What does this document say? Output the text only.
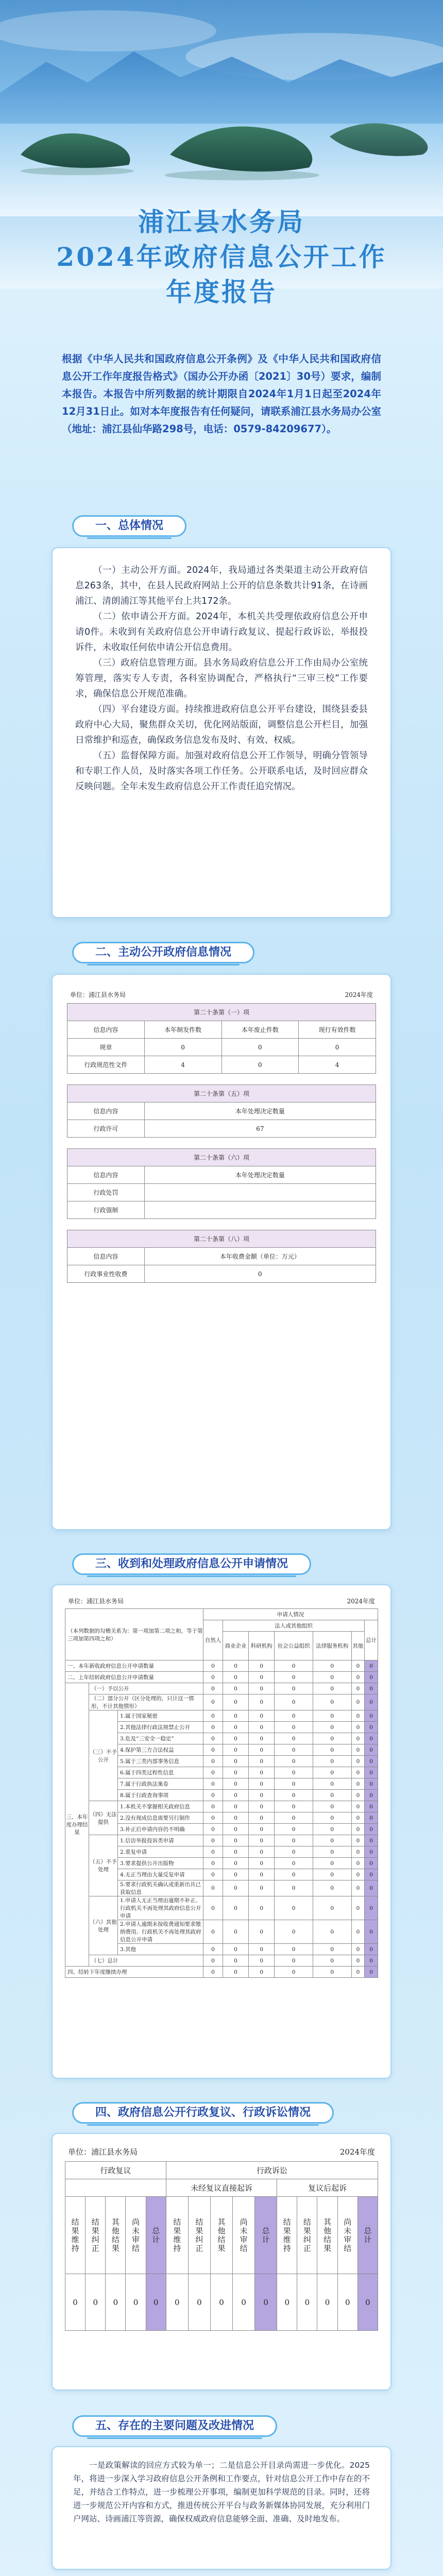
浦江县水务局
2024年政府信息公开工作
年度报告
根据《中华人民共和国政府信息公开条例》及《中华人民共和国政府信息公开工作年度报告格式》（国办公开办函〔2021〕30号）要求，编制本报告。本报告中所列数据的统计期限自2024年1月1日起至2024年12月31日止。如对本年度报告有任何疑问，请联系浦江县水务局办公室（地址：浦江县仙华路298号，电话：0579-84209677）。
一、总体情况

（一）主动公开方面。2024年，我局通过各类渠道主动公开政府信息263条，其中，在县人民政府网站上公开的信息条数共计91条，在诗画浦江、清朗浦江等其他平台上共172条。

（二）依申请公开方面。2024年，本机关共受理依政府信息公开申请0件。未收到有关政府信息公开申请行政复议、提起行政诉讼，举报投诉件，未收取任何依申请公开信息费用。

（三）政府信息管理方面。县水务局政府信息公开工作由局办公室统筹管理，落实专人专责，各科室协调配合，严格执行“三审三校”工作要求，确保信息公开规范准确。

（四）平台建设方面。持续推进政府信息公开平台建设，围绕县委县政府中心大局，聚焦群众关切，优化网站版面，调整信息公开栏目，加强日常维护和巡查，确保政务信息发布及时、有效、权威。

（五）监督保障方面。加强对政府信息公开工作领导，明确分管领导和专职工作人员，及时落实各项工作任务。公开联系电话，及时回应群众反映问题。全年未发生政府信息公开工作责任追究情况。

二、主动公开政府信息情况
单位：浦江县水务局	2024年度
第二十条第（一）项			
信息内容	本年制发件数	本年废止件数	现行有效件数
规章	0	0	0
行政规范性文件	4	0	4

第二十条第（五）项			
信息内容	本年处理决定数量		
行政许可	67		

第二十条第（六）项			
信息内容	本年处理决定数量		
行政处罚			
行政强制			

第二十条第（八）项			
信息内容	本年收费金额（单位：万元）		
行政事业性收费	0		
三、收到和处理政府信息公开申请情况
单位：浦江县水务局	2024年度
（本列数据的勾稽关系为：第一项加第二项之和，等于第三项加第四项之和）			申请人情况						
			自然人	法人或其他组织					总计
				商业企业	科研机构	社会公益组织	法律服务机构	其他	
一、本年新收政府信息公开申请数量			0	0	0	0	0	0	0
二、上年结转政府信息公开申请数量			0	0	0	0	0	0	0
三、本年度办理结果	（一）予以公开		0	0	0	0	0	0	0
	（二）部分公开（区分处理的，只计这一情形，不计其他情形）		0	0	0	0	0	0	0
	（三）不予公开	1.属于国家秘密	0	0	0	0	0	0	0
		2.其他法律行政法规禁止公开	0	0	0	0	0	0	0
		3.危及“三安全一稳定”	0	0	0	0	0	0	0
		4.保护第三方合法权益	0	0	0	0	0	0	0
		5.属于三类内部事务信息	0	0	0	0	0	0	0
		6.属于四类过程性信息	0	0	0	0	0	0	0
		7.属于行政执法案卷	0	0	0	0	0	0	0
		8.属于行政查询事项	0	0	0	0	0	0	0
	（四）无法提供	1.本机关不掌握相关政府信息	0	0	0	0	0	0	0
		2.没有现成信息需要另行制作	0	0	0	0	0	0	0
		3.补正后申请内容仍不明确	0	0	0	0	0	0	0
	（五）不予处理	1.信访举报投诉类申请	0	0	0	0	0	0	0
		2.重复申请	0	0	0	0	0	0	0
		3.要求提供公开出版物	0	0	0	0	0	0	0
		4.无正当理由大量反复申请	0	0	0	0	0	0	0
		5.要求行政机关确认或重新出具已获取信息	0	0	0	0	0	0	0
	（六）其他处理	1.申请人无正当理由逾期不补正、行政机关不再处理其政府信息公开申请	0	0	0	0	0	0	0
		2.申请人逾期未按收费通知要求缴纳费用、行政机关不再处理其政府信息公开申请	0	0	0	0	0	0	0
		3.其他	0	0	0	0	0	0	0
	（七）总计		0	0	0	0	0	0	0
四、结转下年度继续办理			0	0	0	0	0	0	0
四、政府信息公开行政复议、行政诉讼情况
单位：浦江县水务局	2024年度
行政复议					行政诉讼									
					未经复议直接起诉					复议后起诉				
结果维持	结果纠正	其他结果	尚未审结	总计	结果维持	结果纠正	其他结果	尚未审结	总计	结果维持	结果纠正	其他结果	尚未审结	总计
0	0	0	0	0	0	0	0	0	0	0	0	0	0	0
五、存在的主要问题及改进情况

一是政策解读的回应方式较为单一；二是信息公开目录尚需进一步优化。2025年，将进一步深入学习政府信息公开条例和工作要点，针对信息公开工作中存在的不足，并结合工作特点，进一步梳理公开事项，编制更加科学规范的目录。同时，还将进一步规范公开内容和方式，推进传统公开平台与政务新媒体协同发展，充分利用门户网站、诗画浦江等资源，确保权威政府信息能够全面、准确、及时地发布。
